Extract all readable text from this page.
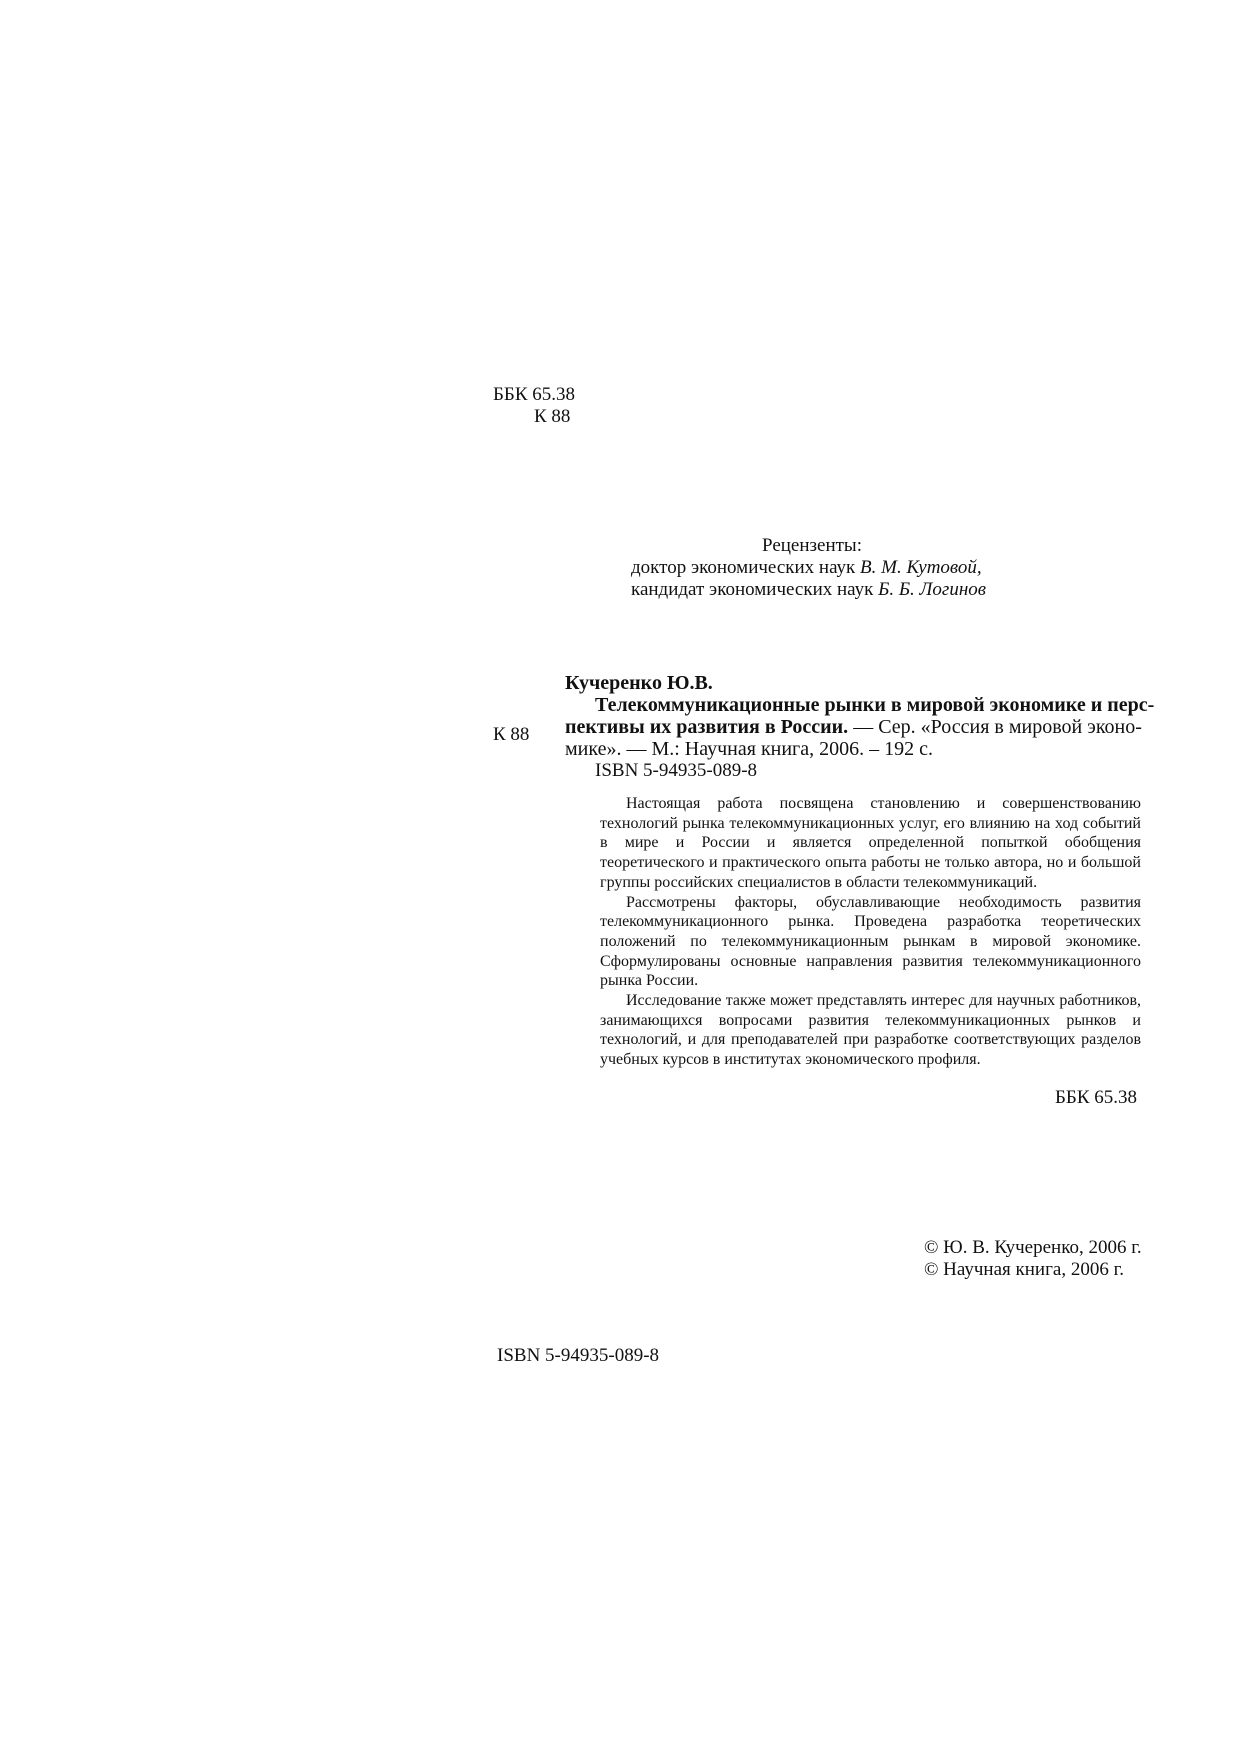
ББК 65.38
К 88
Рецензенты:
доктор экономических наук В. М. Кутовой,
кандидат экономических наук Б. Б. Логинов
К 88
Кучеренко Ю.В.
Телекоммуникационные рынки в мировой экономике и перс-
пективы их развития в России. — Сер. «Россия в мировой эконо-
мике». — М.: Научная книга, 2006. – 192 с.
ISBN 5-94935-089-8

Настоящая работа посвящена становлению и совершенствованию технологий рынка телекоммуникационных услуг, его влиянию на ход событий в мире и России и является определенной попыткой обобщения теоретического и практического опыта работы не только автора, но и большой группы российских специалистов в области телекоммуникаций.

Рассмотрены факторы, обуславливающие необходимость развития телекоммуникационного рынка. Проведена разработка теоретических положений по телекоммуникационным рынкам в мировой экономике. Сформулированы основные направления развития телекоммуникационного рынка России.

Исследование также может представлять интерес для научных работников, занимающихся вопросами развития телекоммуникационных рынков и технологий, и для преподавателей при разработке соответствующих разделов учебных курсов в институтах экономического профиля.

ББК 65.38
© Ю. В. Кучеренко, 2006 г.
© Научная книга, 2006 г.
ISBN 5-94935-089-8
